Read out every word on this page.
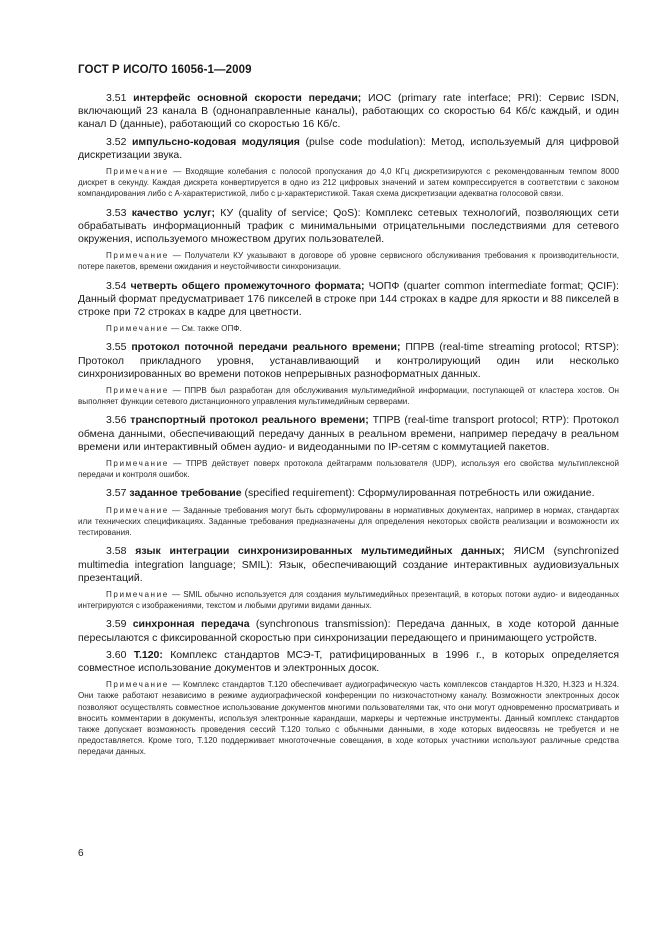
ГОСТ Р ИСО/ТО 16056-1—2009

3.51 интерфейс основной скорости передачи; ИОС (primary rate interface; PRI): Сервис ISDN, включающий 23 канала B (однонаправленные каналы), работающих со скоростью 64 Кб/с каждый, и один канал D (данные), работающий со скоростью 16 Кб/с.

3.52 импульсно-кодовая модуляция (pulse code modulation): Метод, используемый для цифровой дискретизации звука.

Примечание — Входящие колебания с полосой пропускания до 4,0 КГц дискретизируются с рекомендованным темпом 8000 дискрет в секунду. Каждая дискрета конвертируется в одно из 212 цифровых значений и затем компрессируется в соответствии с законом компандирования либо с А-характеристикой, либо с μ-характеристикой. Такая схема дискретизации адекватна голосовой связи.

3.53 качество услуг; КУ (quality of service; QoS): Комплекс сетевых технологий, позволяющих сети обрабатывать информационный трафик с минимальными отрицательными последствиями для сетевого окружения, используемого множеством других пользователей.

Примечание — Получатели КУ указывают в договоре об уровне сервисного обслуживания требования к производительности, потере пакетов, времени ожидания и неустойчивости синхронизации.

3.54 четверть общего промежуточного формата; ЧОПФ (quarter common intermediate format; QCIF): Данный формат предусматривает 176 пикселей в строке при 144 строках в кадре для яркости и 88 пикселей в строке при 72 строках в кадре для цветности.

Примечание — См. также ОПФ.

3.55 протокол поточной передачи реального времени; ППРВ (real-time streaming protocol; RTSP): Протокол прикладного уровня, устанавливающий и контролирующий один или несколько синхронизированных во времени потоков непрерывных разноформатных данных.

Примечание — ППРВ был разработан для обслуживания мультимедийной информации, поступающей от кластера хостов. Он выполняет функции сетевого дистанционного управления мультимедийным серверами.

3.56 транспортный протокол реального времени; ТПРВ (real-time transport protocol; RTP): Протокол обмена данными, обеспечивающий передачу данных в реальном времени, например передачу в реальном времени или интерактивный обмен аудио- и видеоданными по IP-сетям с коммутацией пакетов.

Примечание — ТПРВ действует поверх протокола дейтаграмм пользователя (UDP), используя его свойства мультиплексной передачи и контроля ошибок.

3.57 заданное требование (specified requirement): Сформулированная потребность или ожидание.

Примечание — Заданные требования могут быть сформулированы в нормативных документах, например в нормах, стандартах или технических спецификациях. Заданные требования предназначены для определения некоторых свойств реализации и возможности их тестирования.

3.58 язык интеграции синхронизированных мультимедийных данных; ЯИСМ (synchronized multimedia integration language; SMIL): Язык, обеспечивающий создание интерактивных аудиовизуальных презентаций.

Примечание — SMIL обычно используется для создания мультимедийных презентаций, в которых потоки аудио- и видеоданных интегрируются с изображениями, текстом и любыми другими видами данных.

3.59 синхронная передача (synchronous transmission): Передача данных, в ходе которой данные пересылаются с фиксированной скоростью при синхронизации передающего и принимающего устройств.

3.60 Т.120: Комплекс стандартов МСЭ-Т, ратифицированных в 1996 г., в которых определяется совместное использование документов и электронных досок.

Примечание — Комплекс стандартов Т.120 обеспечивает аудиографическую часть комплексов стандартов Н.320, Н.323 и Н.324. Они также работают независимо в режиме аудиографической конференции по низкочастотному каналу. Возможности электронных досок позволяют осуществлять совместное использование документов многими пользователями так, что они могут одновременно просматривать и вносить комментарии в документы, используя электронные карандаши, маркеры и чертежные инструменты. Данный комплекс стандартов также допускает возможность проведения сессий Т.120 только с обычными данными, в ходе которых видеосвязь не требуется и не предоставляется. Кроме того, Т.120 поддерживает многоточечные совещания, в ходе которых участники используют различные средства передачи данных.

6
